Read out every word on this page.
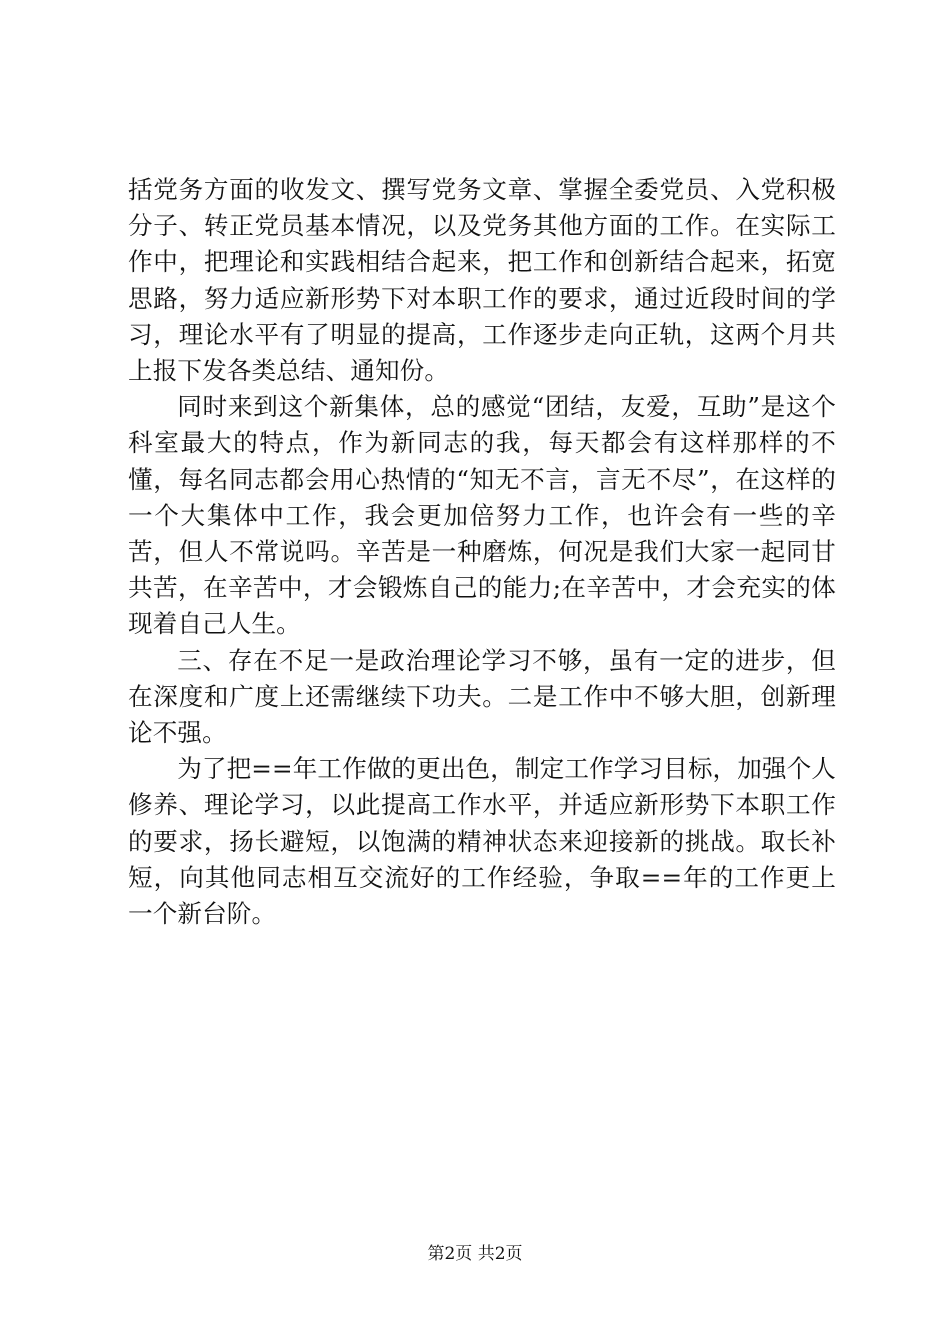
括党务方面的收发文、撰写党务文章、掌握全委党员、入党积极分子、转正党员基本情况，以及党务其他方面的工作。在实际工作中，把理论和实践相结合起来，把工作和创新结合起来，拓宽思路，努力适应新形势下对本职工作的要求，通过近段时间的学习，理论水平有了明显的提高，工作逐步走向正轨，这两个月共上报下发各类总结、通知份。

同时来到这个新集体，总的感觉“团结，友爱，互助”是这个科室最大的特点，作为新同志的我，每天都会有这样那样的不懂，每名同志都会用心热情的“知无不言，言无不尽”，在这样的一个大集体中工作，我会更加倍努力工作，也许会有一些的辛苦，但人不常说吗。辛苦是一种磨炼，何况是我们大家一起同甘共苦，在辛苦中，才会锻炼自己的能力;在辛苦中，才会充实的体现着自己人生。

三、存在不足一是政治理论学习不够，虽有一定的进步，但在深度和广度上还需继续下功夫。二是工作中不够大胆，创新理论不强。

为了把==年工作做的更出色，制定工作学习目标，加强个人修养、理论学习，以此提高工作水平，并适应新形势下本职工作的要求，扬长避短，以饱满的精神状态来迎接新的挑战。取长补短，向其他同志相互交流好的工作经验，争取==年的工作更上一个新台阶。

第2页 共2页
